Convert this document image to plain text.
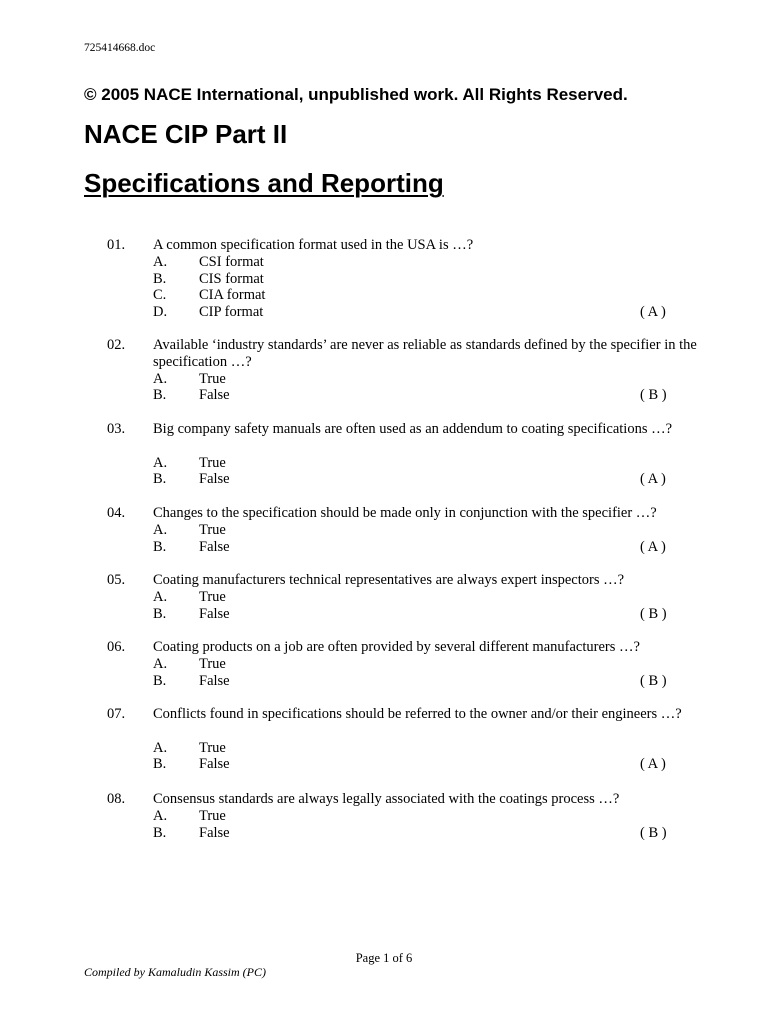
725414668.doc
© 2005 NACE International, unpublished work. All Rights Reserved.
NACE CIP Part II
Specifications and Reporting
01. A common specification format used in the USA is …?
A. CSI format
B. CIS format
C. CIA format
D. CIP format	( A )
02. Available ‘industry standards’ are never as reliable as standards defined by the specifier in the specification …?
A. True
B. False	( B )
03. Big company safety manuals are often used as an addendum to coating specifications …?
A. True
B. False	( A )
04. Changes to the specification should be made only in conjunction with the specifier …?
A. True
B. False	( A )
05. Coating manufacturers technical representatives are always expert inspectors …?
A. True
B. False	( B )
06. Coating products on a job are often provided by several different manufacturers …?
A. True
B. False	( B )
07. Conflicts found in specifications should be referred to the owner and/or their engineers …?
A. True
B. False	( A )
08. Consensus standards are always legally associated with the coatings process …?
A. True
B. False	( B )
Page 1 of 6
Compiled by Kamaludin Kassim (PC)
